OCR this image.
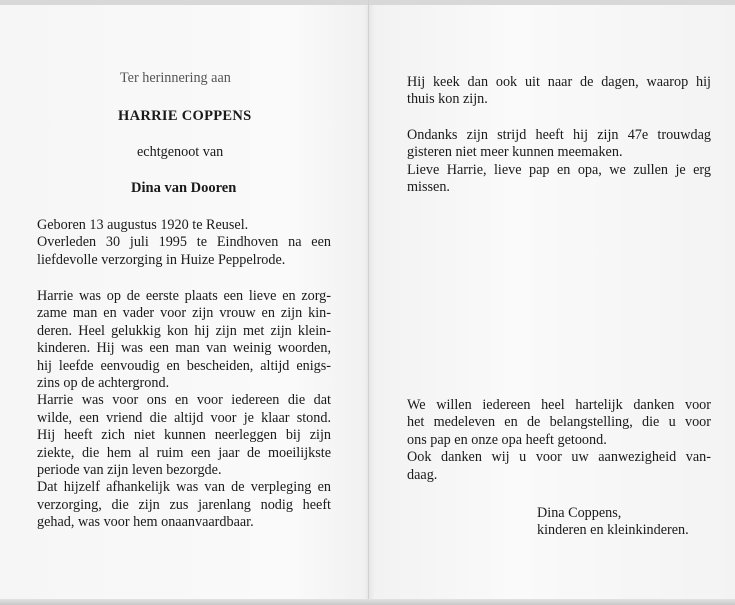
Ter herinnering aan
HARRIE COPPENS
echtgenoot van
Dina van Dooren
Geboren 13 augustus 1920 te Reusel.
Overleden 30 juli 1995 te Eindhoven na een
liefdevolle verzorging in Huize Peppelrode.
Harrie was op de eerste plaats een lieve en zorg-
zame man en vader voor zijn vrouw en zijn kin-
deren. Heel gelukkig kon hij zijn met zijn klein-
kinderen. Hij was een man van weinig woorden,
hij leefde eenvoudig en bescheiden, altijd enigs-
zins op de achtergrond.
Harrie was voor ons en voor iedereen die dat
wilde, een vriend die altijd voor je klaar stond.
Hij heeft zich niet kunnen neerleggen bij zijn
ziekte, die hem al ruim een jaar de moeilijkste
periode van zijn leven bezorgde.
Dat hijzelf afhankelijk was van de verpleging en
verzorging, die zijn zus jarenlang nodig heeft
gehad, was voor hem onaanvaardbaar.
Hij keek dan ook uit naar de dagen, waarop hij
thuis kon zijn.
Ondanks zijn strijd heeft hij zijn 47e trouwdag
gisteren niet meer kunnen meemaken.
Lieve Harrie, lieve pap en opa, we zullen je erg
missen.
We willen iedereen heel hartelijk danken voor
het medeleven en de belangstelling, die u voor
ons pap en onze opa heeft getoond.
Ook danken wij u voor uw aanwezigheid van-
daag.
Dina Coppens,
kinderen en kleinkinderen.
